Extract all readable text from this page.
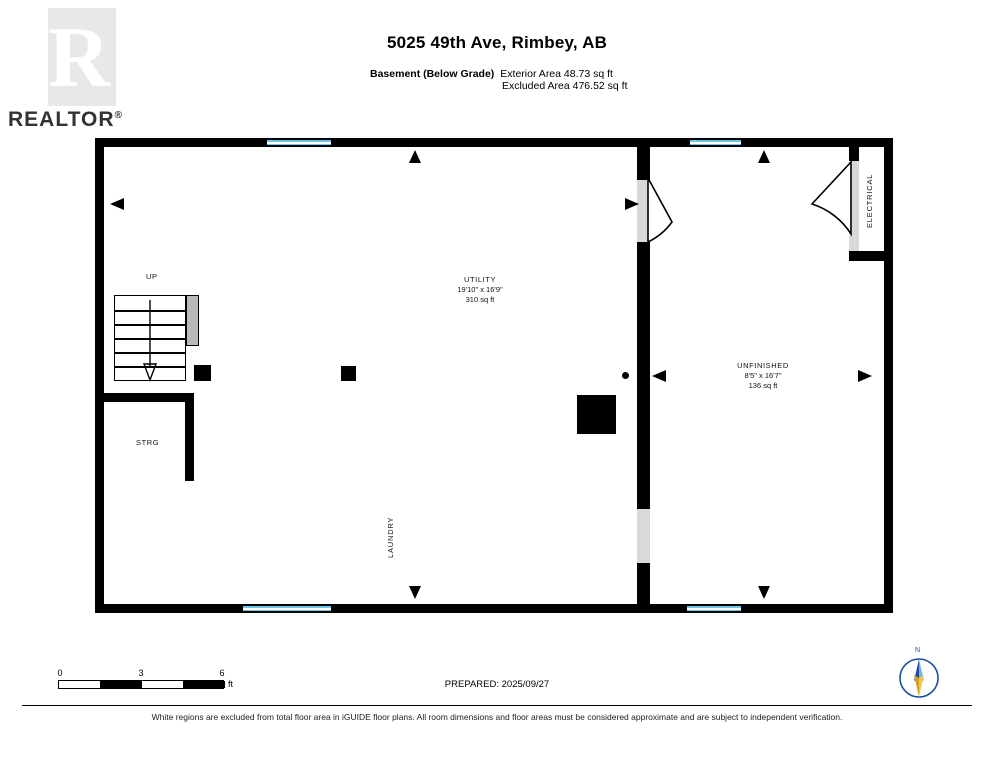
R
REALTOR®
5025 49th Ave, Rimbey, AB
Basement (Below Grade) Exterior Area 48.73 sq ft
Excluded Area 476.52 sq ft
UP
STRG
UTILITY
19'10" x 16'9"
310 sq ft
UNFINISHED
8'5" x 16'7"
136 sq ft
LAUNDRY
ELECTRICAL
0	3	6
ft	PREPARED: 2025/09/27
N
White regions are excluded from total floor area in iGUIDE floor plans. All room dimensions and floor areas must be considered approximate and are subject to independent verification.
